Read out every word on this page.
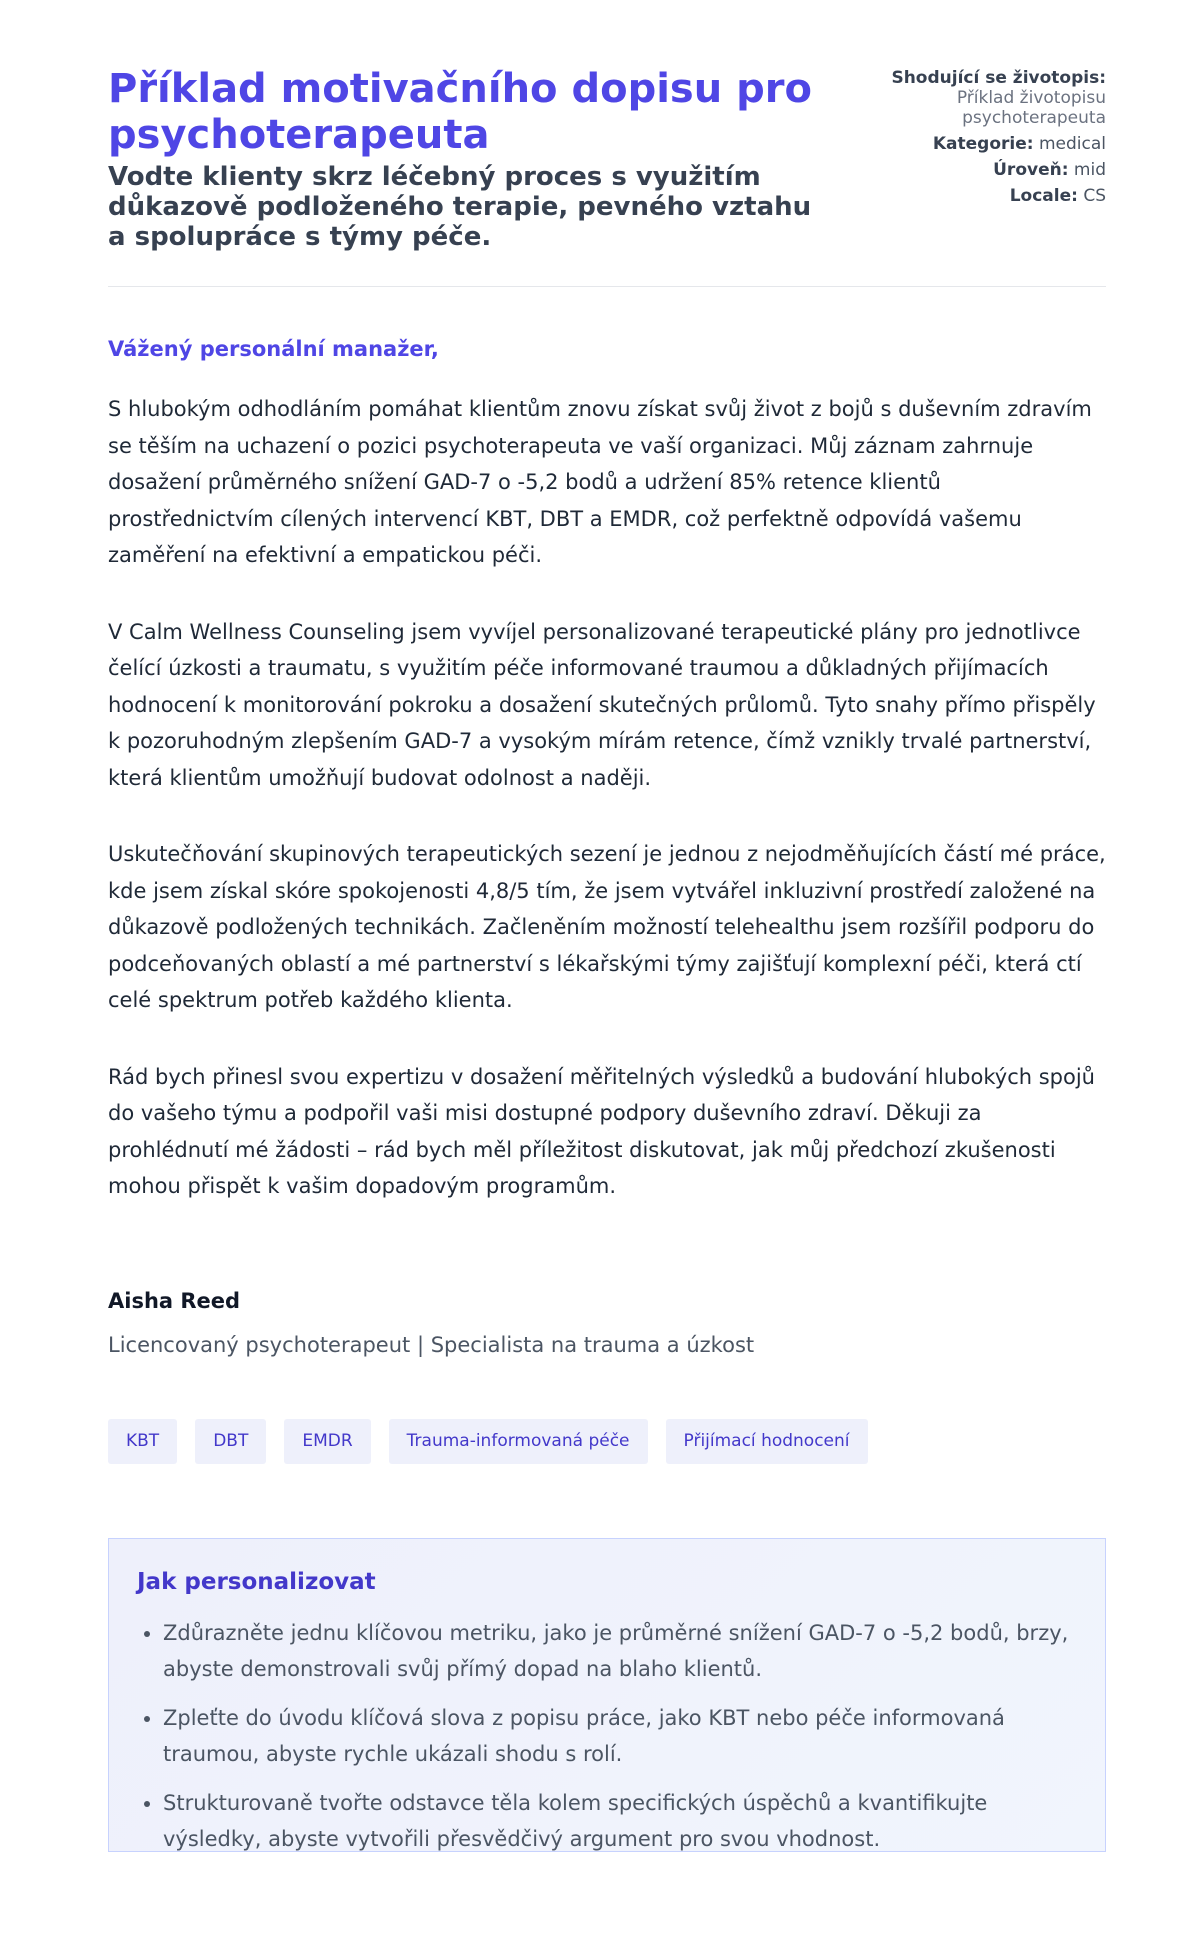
Příklad motivačního dopisu pro psychoterapeuta
Vodte klienty skrz léčebný proces s využitím důkazově podloženého terapie, pevného vztahu a spolupráce s týmy péče.
Shodující se životopis:
Příklad životopisu psychoterapeuta
Kategorie: medical
Úroveň: mid
Locale: CS
Vážený personální manažer,
S hlubokým odhodláním pomáhat klientům znovu získat svůj život z bojů s duševním zdravím se těším na uchazení o pozici psychoterapeuta ve vaší organizaci. Můj záznam zahrnuje dosažení průměrného snížení GAD-7 o -5,2 bodů a udržení 85% retence klientů prostřednictvím cílených intervencí KBT, DBT a EMDR, což perfektně odpovídá vašemu zaměření na efektivní a empatickou péči.
V Calm Wellness Counseling jsem vyvíjel personalizované terapeutické plány pro jednotlivce čelící úzkosti a traumatu, s využitím péče informované traumou a důkladných přijímacích hodnocení k monitorování pokroku a dosažení skutečných průlomů. Tyto snahy přímo přispěly k pozoruhodným zlepšením GAD-7 a vysokým mírám retence, čímž vznikly trvalé partnerství, která klientům umožňují budovat odolnost a naději.
Uskutečňování skupinových terapeutických sezení je jednou z nejodměňujících částí mé práce, kde jsem získal skóre spokojenosti 4,8/5 tím, že jsem vytvářel inkluzivní prostředí založené na důkazově podložených technikách. Začleněním možností telehealthu jsem rozšířil podporu do podceňovaných oblastí a mé partnerství s lékařskými týmy zajišťují komplexní péči, která ctí celé spektrum potřeb každého klienta.
Rád bych přinesl svou expertizu v dosažení měřitelných výsledků a budování hlubokých spojů do vašeho týmu a podpořil vaši misi dostupné podpory duševního zdraví. Děkuji za prohlédnutí mé žádosti – rád bych měl příležitost diskutovat, jak můj předchozí zkušenosti mohou přispět k vašim dopadovým programům.
Aisha Reed
Licencovaný psychoterapeut | Specialista na trauma a úzkost
KBT	DBT	EMDR	Trauma-informovaná péče	Přijímací hodnocení
Jak personalizovat
• Zdůrazněte jednu klíčovou metriku, jako je průměrné snížení GAD-7 o -5,2 bodů, brzy, abyste demonstrovali svůj přímý dopad na blaho klientů.
• Zpleťte do úvodu klíčová slova z popisu práce, jako KBT nebo péče informovaná traumou, abyste rychle ukázali shodu s rolí.
• Strukturovaně tvořte odstavce těla kolem specifických úspěchů a kvantifikujte výsledky, abyste vytvořili přesvědčivý argument pro svou vhodnost.
